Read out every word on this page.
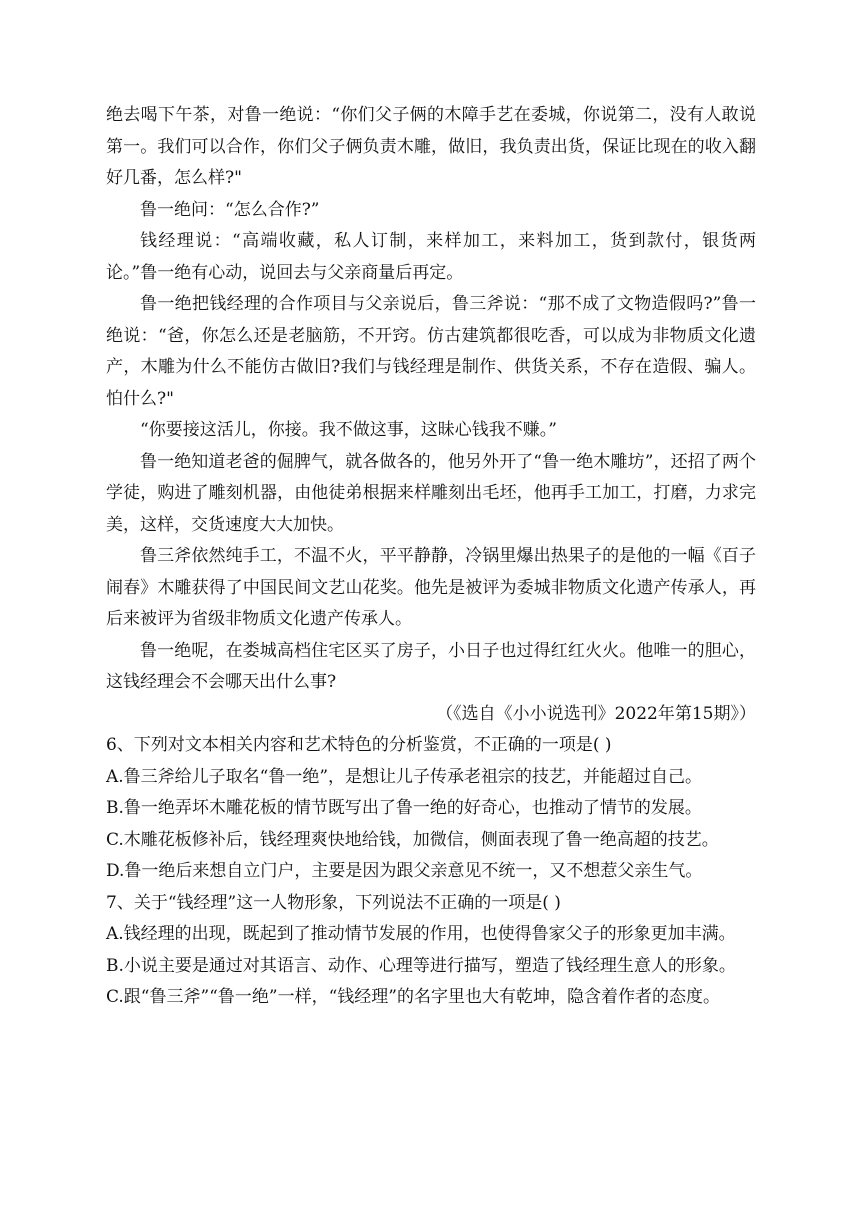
绝去喝下午茶，对鲁一绝说：“你们父子俩的木障手艺在委城，你说第二，没有人敢说第一。我们可以合作，你们父子俩负责木雕，做旧，我负责出货，保证比现在的收入翻好几番，怎么样?"

鲁一绝问：“怎么合作?”

钱经理说：“高端收藏，私人订制，来样加工，来料加工，货到款付，银货两论。”鲁一绝有心动，说回去与父亲商量后再定。

鲁一绝把钱经理的合作项目与父亲说后，鲁三斧说：“那不成了文物造假吗?”鲁一绝说：“爸，你怎么还是老脑筋，不开窍。仿古建筑都很吃香，可以成为非物质文化遗产，木雕为什么不能仿古做旧?我们与钱经理是制作、供货关系，不存在造假、骗人。怕什么?"

“你要接这活儿，你接。我不做这事，这昧心钱我不赚。”

鲁一绝知道老爸的倔脾气，就各做各的，他另外开了“鲁一绝木雕坊”，还招了两个学徒，购进了雕刻机器，由他徒弟根据来样雕刻出毛坯，他再手工加工，打磨，力求完美，这样，交货速度大大加快。

鲁三斧依然纯手工，不温不火，平平静静，冷锅里爆出热果子的是他的一幅《百子闹春》木雕获得了中国民间文艺山花奖。他先是被评为委城非物质文化遗产传承人，再后来被评为省级非物质文化遗产传承人。

鲁一绝呢，在娄城高档住宅区买了房子，小日子也过得红红火火。他唯一的胆心，这钱经理会不会哪天出什么事?

（《选自《小小说选刊》2022年第15期》）

6、下列对文本相关内容和艺术特色的分析鉴赏，不正确的一项是( )

A.鲁三斧给儿子取名“鲁一绝”，是想让儿子传承老祖宗的技艺，并能超过自己。

B.鲁一绝弄坏木雕花板的情节既写出了鲁一绝的好奇心，也推动了情节的发展。

C.木雕花板修补后，钱经理爽快地给钱，加微信，侧面表现了鲁一绝高超的技艺。

D.鲁一绝后来想自立门户，主要是因为跟父亲意见不统一，又不想惹父亲生气。

7、关于“钱经理”这一人物形象，下列说法不正确的一项是( )

A.钱经理的出现，既起到了推动情节发展的作用，也使得鲁家父子的形象更加丰满。

B.小说主要是通过对其语言、动作、心理等进行描写，塑造了钱经理生意人的形象。

C.跟“鲁三斧”“鲁一绝”一样，“钱经理”的名字里也大有乾坤，隐含着作者的态度。
